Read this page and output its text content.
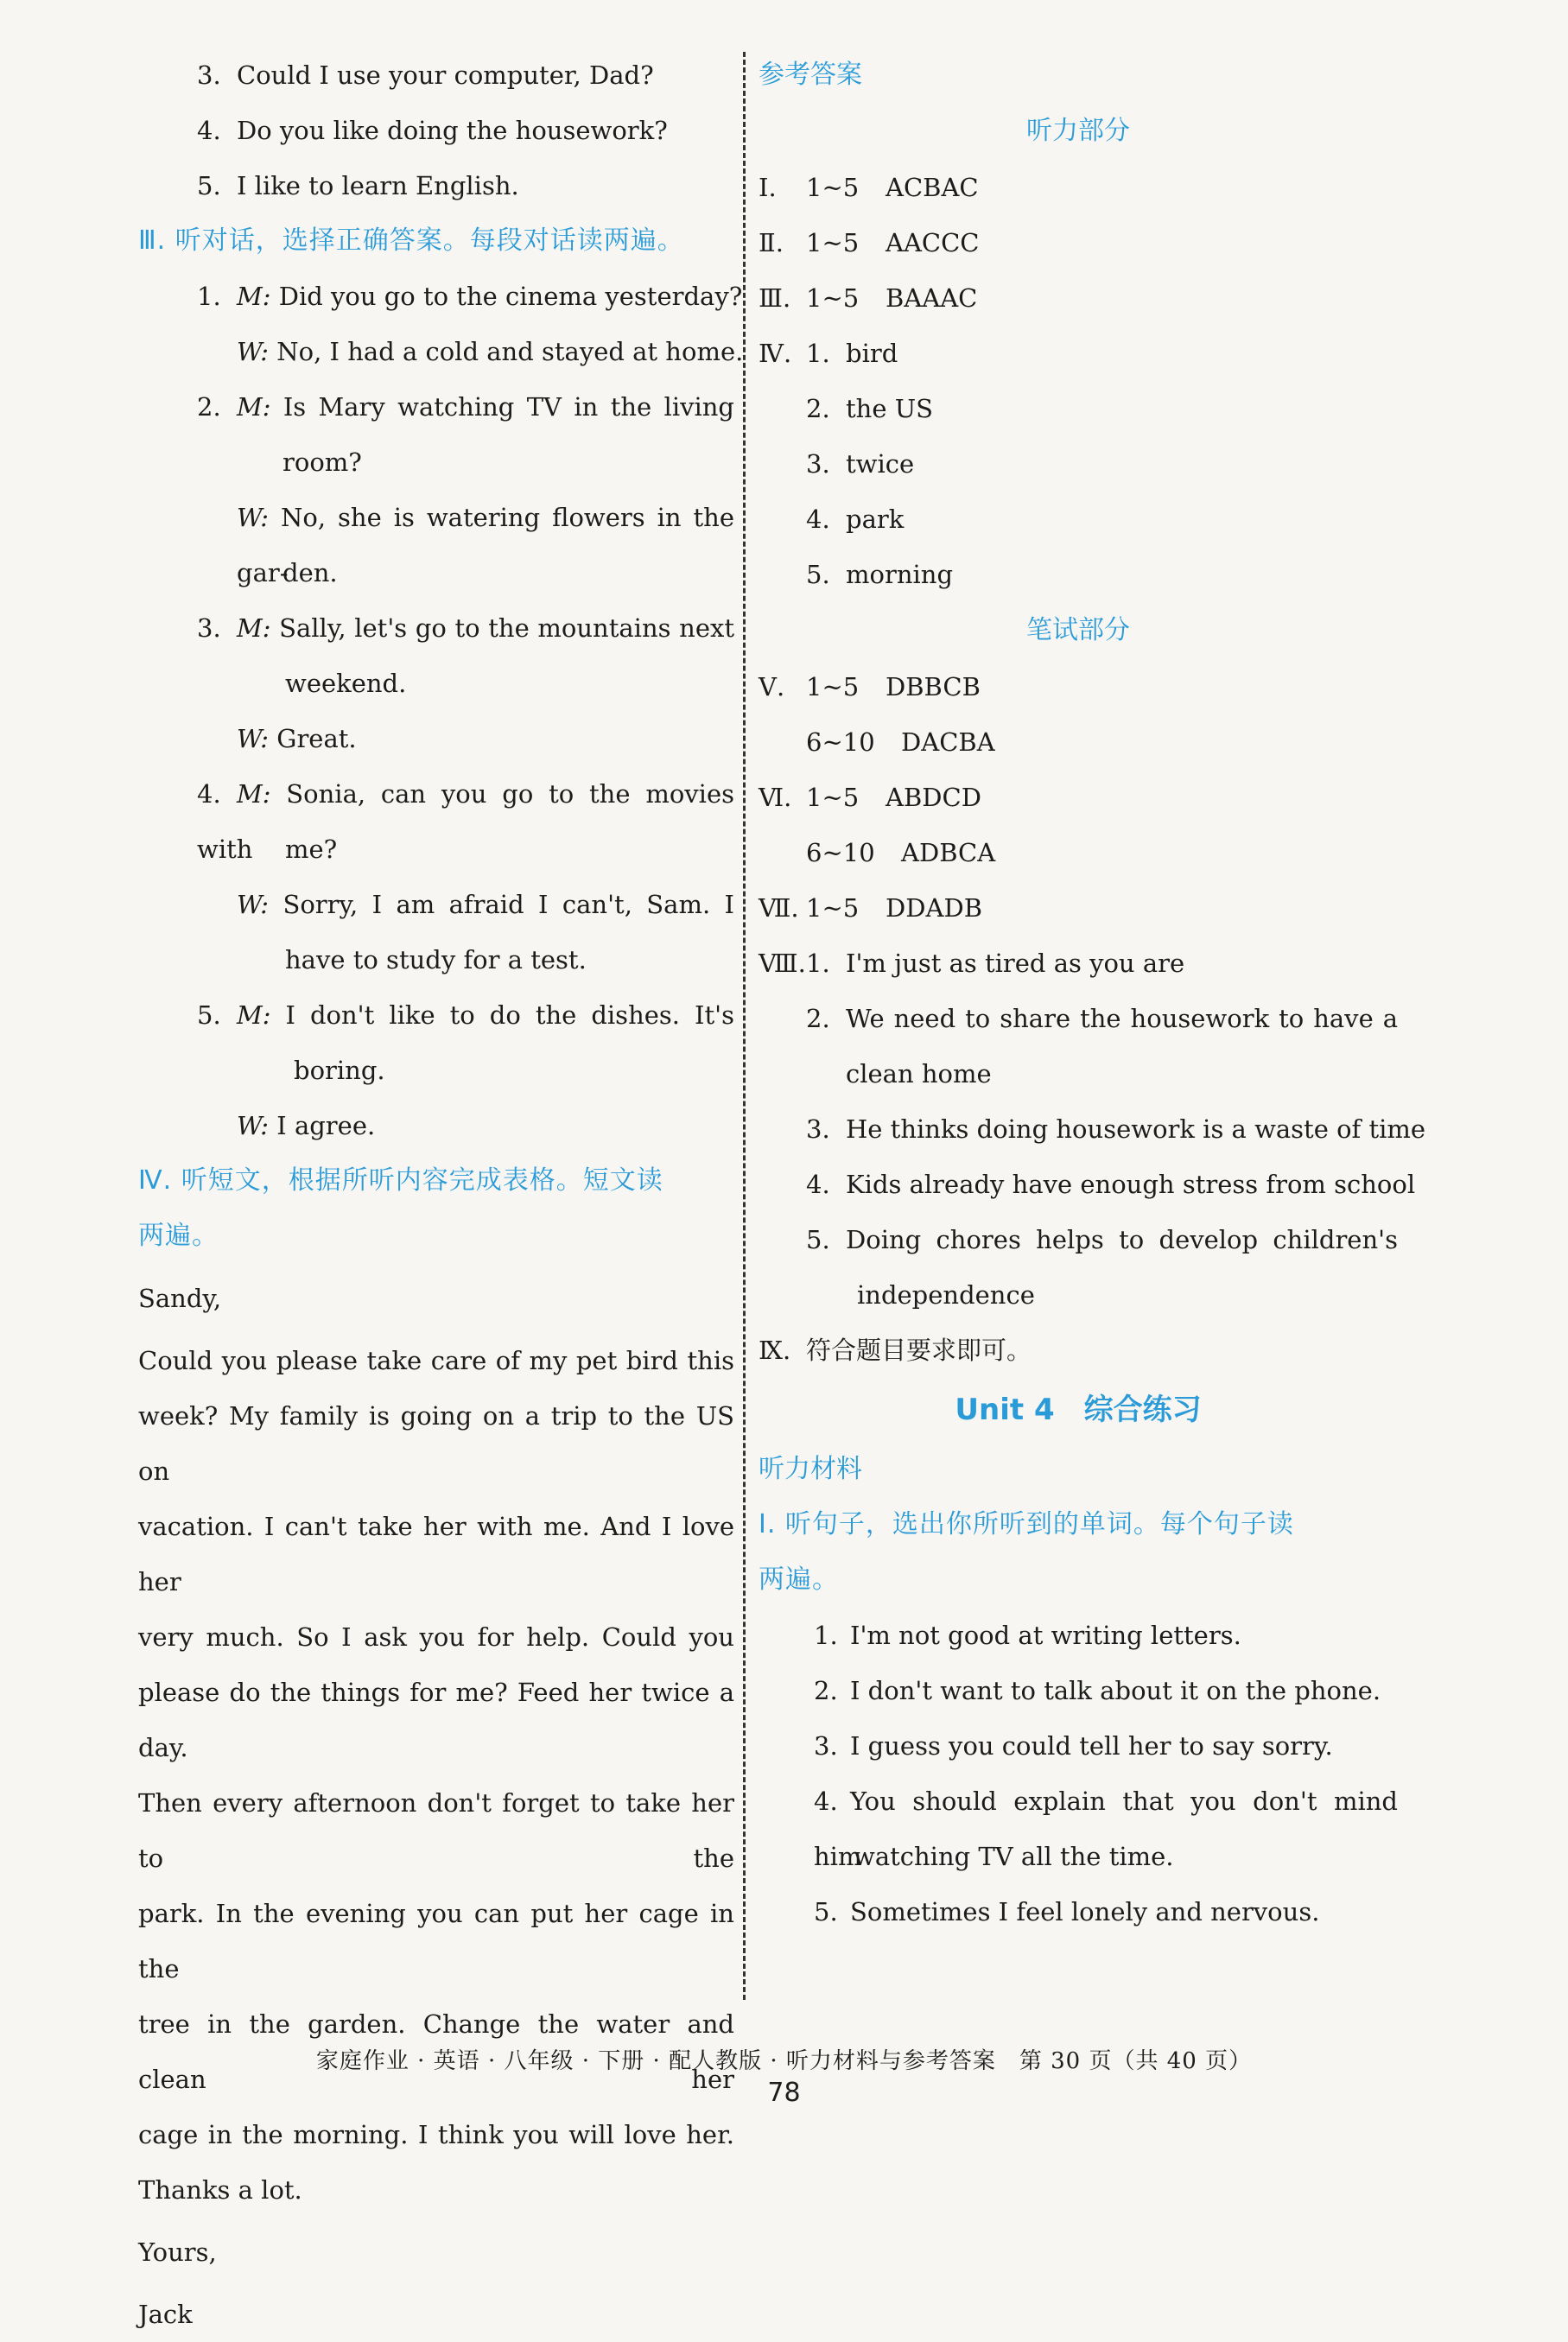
3. Could I use your computer, Dad?
4. Do you like doing the housework?
5. I like to learn English.
Ⅲ. 听对话，选择正确答案。每段对话读两遍。
1. M: Did you go to the cinema yesterday?
W: No, I had a cold and stayed at home.
2. M: Is Mary watching TV in the living
room?
W: No, she is watering flowers in the gar-
den.
3. M: Sally, let's go to the mountains next
weekend.
W: Great.
4. M: Sonia, can you go to the movies with	me?
W: Sorry, I am afraid I can't, Sam. I
have to study for a test.
5. M: I don't like to do the dishes. It's
boring.
W: I agree.
Ⅳ. 听短文，根据所听内容完成表格。短文读
两遍。
Sandy,

Could you please take care of my pet bird this

week? My family is going on a trip to the US on

vacation. I can't take her with me. And I love her

very much. So I ask you for help. Could you

please do the things for me? Feed her twice a day.

Then every afternoon don't forget to take her to the

park. In the evening you can put her cage in the

tree in the garden. Change the water and clean her

cage in the morning. I think you will love her.

Thanks a lot.

Yours,
Jack
参考答案
听力部分
Ⅰ. 1~5 ACBAC
Ⅱ. 1~5 AACCC
Ⅲ. 1~5 BAAAC
Ⅳ. 1. bird
2. the US
3. twice
4. park
5. morning
笔试部分
Ⅴ. 1~5 DBBCB
6~10 DACBA
Ⅵ. 1~5 ABDCD
6~10 ADBCA
Ⅶ. 1~5 DDADB
Ⅷ.1. I'm just as tired as you are
2. We need to share the housework to have a
clean home
3. He thinks doing housework is a waste of time
4. Kids already have enough stress from school
5. Doing chores helps to develop children's
independence
Ⅸ. 符合题目要求即可。
Unit 4　综合练习
听力材料
Ⅰ. 听句子，选出你所听到的单词。每个句子读
两遍。
1. I'm not good at writing letters.
2. I don't want to talk about it on the phone.
3. I guess you could tell her to say sorry.
4. You should explain that you don't mind him
watching TV all the time.
5. Sometimes I feel lonely and nervous.
家庭作业 · 英语 · 八年级 · 下册 · 配人教版 · 听力材料与参考答案　第 30 页（共 40 页）
78
